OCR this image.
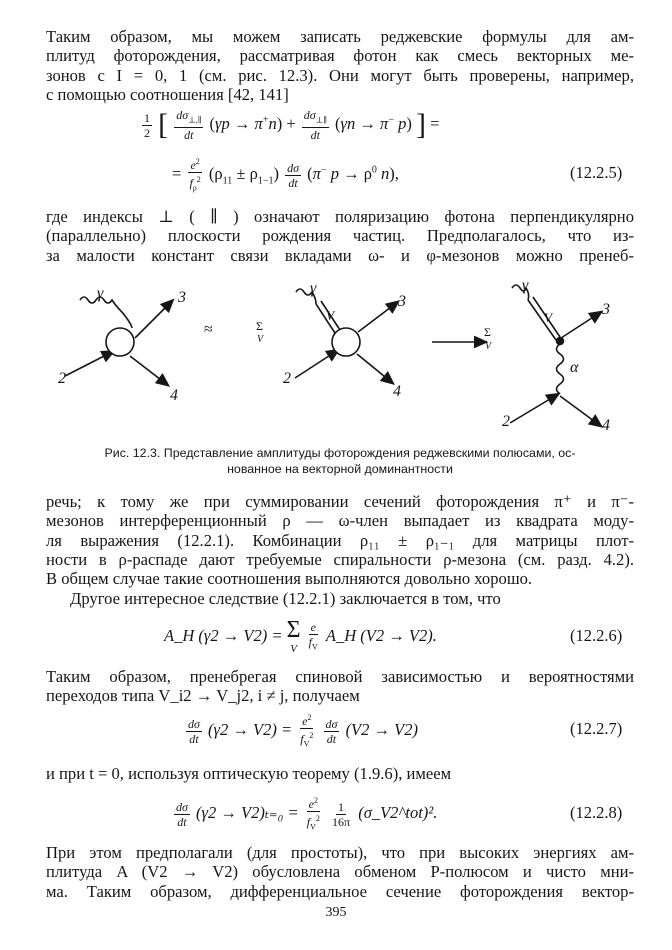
Таким образом, мы можем записать реджевские формулы для ам-
плитуд фоторождения, рассматривая фотон как смесь векторных ме-
зонов с I = 0, 1 (см. рис. 12.3). Они могут быть проверены, например,
с помощью соотношения [42, 141]
$\frac{1}{2}$ [ $\frac{d\sigma_{\perp,\parallel}}{dt} (\gamma p \to \pi^+n) + \frac{d\sigma_{\perp\parallel}}{dt} (\gamma n \to \pi^-$ p) ] =
= $\frac{e^2}{f_\rho^2} (\rho_{11} \pm \rho_{1-1}) \frac{d\sigma}{dt} (\pi^-$ $p \to \rho^0$ n),	(12.2.5)
где индексы ⊥ ( ∥ ) означают поляризацию фотона перпендикулярно
(параллельно) плоскости рождения частиц. Предполагалось, что из-
за малости констант связи вкладами ω- и φ-мезонов можно пренеб-
γ	3
2
4
γ
V
3
2
4
γ
V	3
α
2	4
≈	Σ
V
Σ
V
Рис. 12.3. Представление амплитуды фоторождения реджевскими полюсами, ос-
нованное на векторной доминантности
речь; к тому же при суммировании сечений фоторождения π⁺ и π⁻-
мезонов интерференционный ρ — ω-член выпадает из квадрата моду-
ля выражения (12.2.1). Комбинации ρ₁₁ ± ρ₁₋₁ для матрицы плот-
ности в ρ-распаде дают требуемые спиральности ρ-мезона (см. разд. 4.2).
В общем случае такие соотношения выполняются довольно хорошо.
Другое интересное следствие (12.2.1) заключается в том, что
A_H (γ2 → V2) = Σ
V
$\frac{e}{f_V}$ A_H (V2 → V2).	(12.2.6)
Таким образом, пренебрегая спиновой зависимостью и вероятностями
переходов типа V_i2 → V_j2, i ≠ j, получаем
$\frac{d\sigma}{dt} (\gamma 2 \to V2) = \frac{e^2}{f_V^2}$
$\frac{d\sigma}{dt} (V2 \to V2)$	(12.2.7)
и при t = 0, используя оптическую теорему (1.9.6), имеем
$\frac{d\sigma}{dt} (\gamma 2 \to V2)_{t=0} = \frac{e^2}{f_V^2}$
$\frac{1}{16\pi}$ (σ_V2^tot)².	(12.2.8)
При этом предполагали (для простоты), что при высоких энергиях ам-
плитуда A (V2 → V2) обусловлена обменом P-полюсом и чисто мни-
ма. Таким образом, дифференциальное сечение фоторождения вектор-
395
